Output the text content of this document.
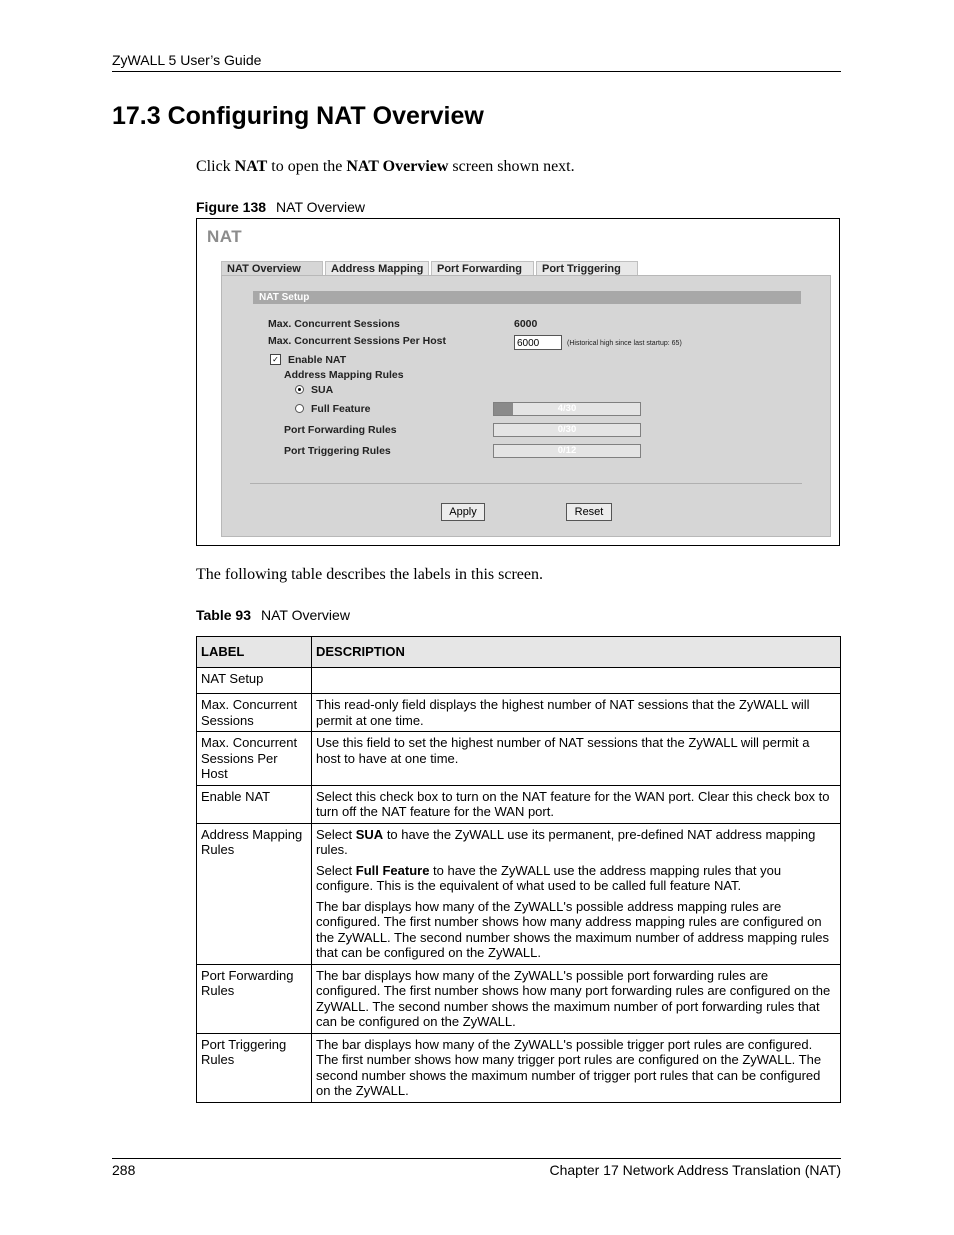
ZyWALL 5 User’s Guide
17.3 Configuring NAT Overview
Click NAT to open the NAT Overview screen shown next.
Figure 138 NAT Overview
NAT
NAT Overview	Address Mapping	Port Forwarding	Port Triggering
NAT Setup
Max. Concurrent Sessions	6000
Max. Concurrent Sessions Per Host	6000	(Historical high since last startup: 65)
✓ Enable NAT
Address Mapping Rules
SUA
Full Feature	4/30
Port Forwarding Rules	0/30
Port Triggering Rules	0/12
Apply	Reset
The following table describes the labels in this screen.
Table 93 NAT Overview
LABEL	DESCRIPTION
NAT Setup	
Max. Concurrent Sessions	This read-only field displays the highest number of NAT sessions that the ZyWALL will permit at one time.
Max. Concurrent Sessions Per Host	Use this field to set the highest number of NAT sessions that the ZyWALL will permit a host to have at one time.
Enable NAT	Select this check box to turn on the NAT feature for the WAN port. Clear this check box to turn off the NAT feature for the WAN port.
Address Mapping Rules	Select SUA to have the ZyWALL use its permanent, pre-defined NAT address mapping rules.

Select Full Feature to have the ZyWALL use the address mapping rules that you configure. This is the equivalent of what used to be called full feature NAT.

The bar displays how many of the ZyWALL's possible address mapping rules are configured. The first number shows how many address mapping rules are configured on the ZyWALL. The second number shows the maximum number of address mapping rules that can be configured on the ZyWALL.

Port Forwarding Rules	The bar displays how many of the ZyWALL's possible port forwarding rules are configured. The first number shows how many port forwarding rules are configured on the ZyWALL. The second number shows the maximum number of port forwarding rules that can be configured on the ZyWALL.
Port Triggering Rules	The bar displays how many of the ZyWALL's possible trigger port rules are configured. The first number shows how many trigger port rules are configured on the ZyWALL. The second number shows the maximum number of trigger port rules that can be configured on the ZyWALL.
288	Chapter 17 Network Address Translation (NAT)
